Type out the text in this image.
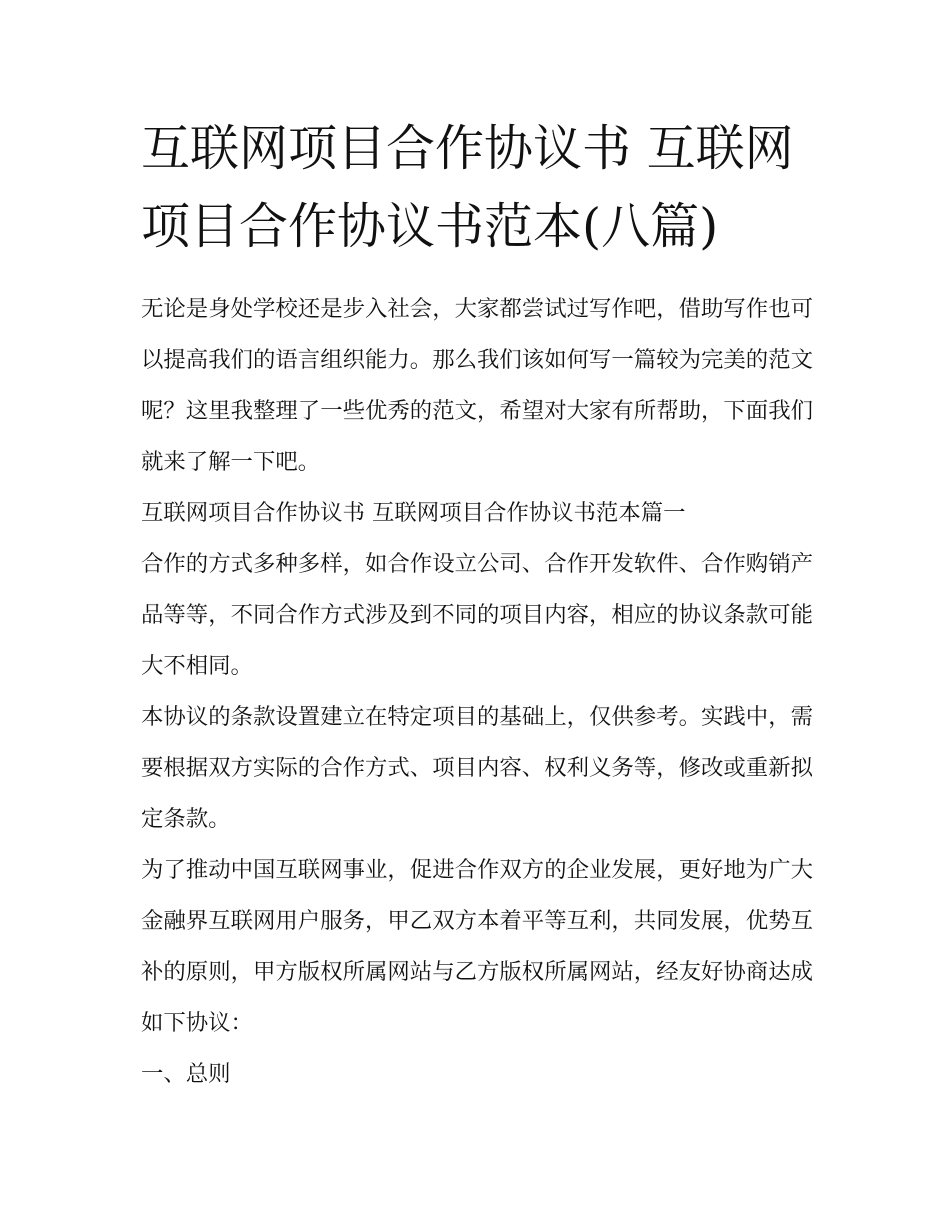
互联网项目合作协议书 互联网项目合作协议书范本(八篇)

无论是身处学校还是步入社会，大家都尝试过写作吧，借助写作也可以提高我们的语言组织能力。那么我们该如何写一篇较为完美的范文呢？这里我整理了一些优秀的范文，希望对大家有所帮助，下面我们就来了解一下吧。

互联网项目合作协议书 互联网项目合作协议书范本篇一

合作的方式多种多样，如合作设立公司、合作开发软件、合作购销产品等等，不同合作方式涉及到不同的项目内容，相应的协议条款可能大不相同。

本协议的条款设置建立在特定项目的基础上，仅供参考。实践中，需要根据双方实际的合作方式、项目内容、权利义务等，修改或重新拟定条款。

为了推动中国互联网事业，促进合作双方的企业发展，更好地为广大金融界互联网用户服务，甲乙双方本着平等互利，共同发展，优势互补的原则，甲方版权所属网站与乙方版权所属网站，经友好协商达成如下协议：

一、总则
